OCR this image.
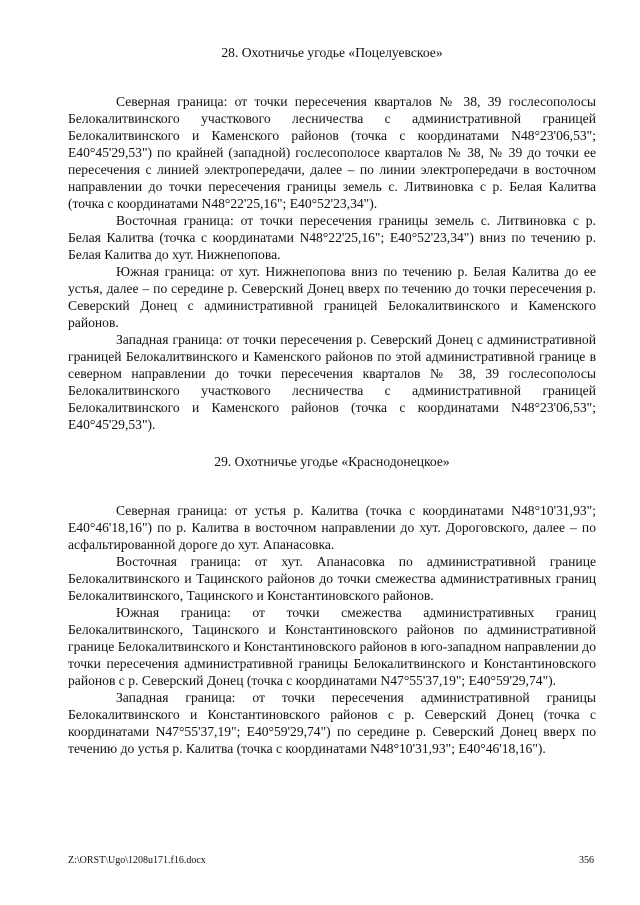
28. Охотничье угодье «Поцелуевское»

Северная граница: от точки пересечения кварталов № 38, 39 гослесополосы Белокалитвинского участкового лесничества с административной границей Белокалитвинского и Каменского районов (точка с координатами N48°23'06,53"; E40°45'29,53") по крайней (западной) гослесополосе кварталов № 38, № 39 до точки ее пересечения с линией электропередачи, далее – по линии электропередачи в восточном направлении до точки пересечения границы земель с. Литвиновка с р. Белая Калитва (точка с координатами N48°22'25,16"; E40°52'23,34").

Восточная граница: от точки пересечения границы земель с. Литвиновка с р. Белая Калитва (точка с координатами N48°22'25,16"; E40°52'23,34") вниз по течению р. Белая Калитва до хут. Нижнепопова.

Южная граница: от хут. Нижнепопова вниз по течению р. Белая Калитва до ее устья, далее – по середине р. Северский Донец вверх по течению до точки пересечения р. Северский Донец с административной границей Белокалитвинского и Каменского районов.

Западная граница: от точки пересечения р. Северский Донец с административной границей Белокалитвинского и Каменского районов по этой административной границе в северном направлении до точки пересечения кварталов № 38, 39 гослесополосы Белокалитвинского участкового лесничества с административной границей Белокалитвинского и Каменского районов (точка с координатами N48°23'06,53"; E40°45'29,53").

29. Охотничье угодье «Краснодонецкое»

Северная граница: от устья р. Калитва (точка с координатами N48°10'31,93"; E40°46'18,16") по р. Калитва в восточном направлении до хут. Дороговского, далее – по асфальтированной дороге до хут. Апанасовка.

Восточная граница: от хут. Апанасовка по административной границе Белокалитвинского и Тацинского районов до точки смежества административных границ Белокалитвинского, Тацинского и Константиновского районов.

Южная граница: от точки смежества административных границ Белокалитвинского, Тацинского и Константиновского районов по административной границе Белокалитвинского и Константиновского районов в юго-западном направлении до точки пересечения административной границы Белокалитвинского и Константиновского районов с р. Северский Донец (точка с координатами N47°55'37,19"; E40°59'29,74").

Западная граница: от точки пересечения административной границы Белокалитвинского и Константиновского районов с р. Северский Донец (точка с координатами N47°55'37,19"; E40°59'29,74") по середине р. Северский Донец вверх по течению до устья р. Калитва (точка с координатами N48°10'31,93"; E40°46'18,16").

Z:\ORST\Ugo\1208u171.f16.docx	356
